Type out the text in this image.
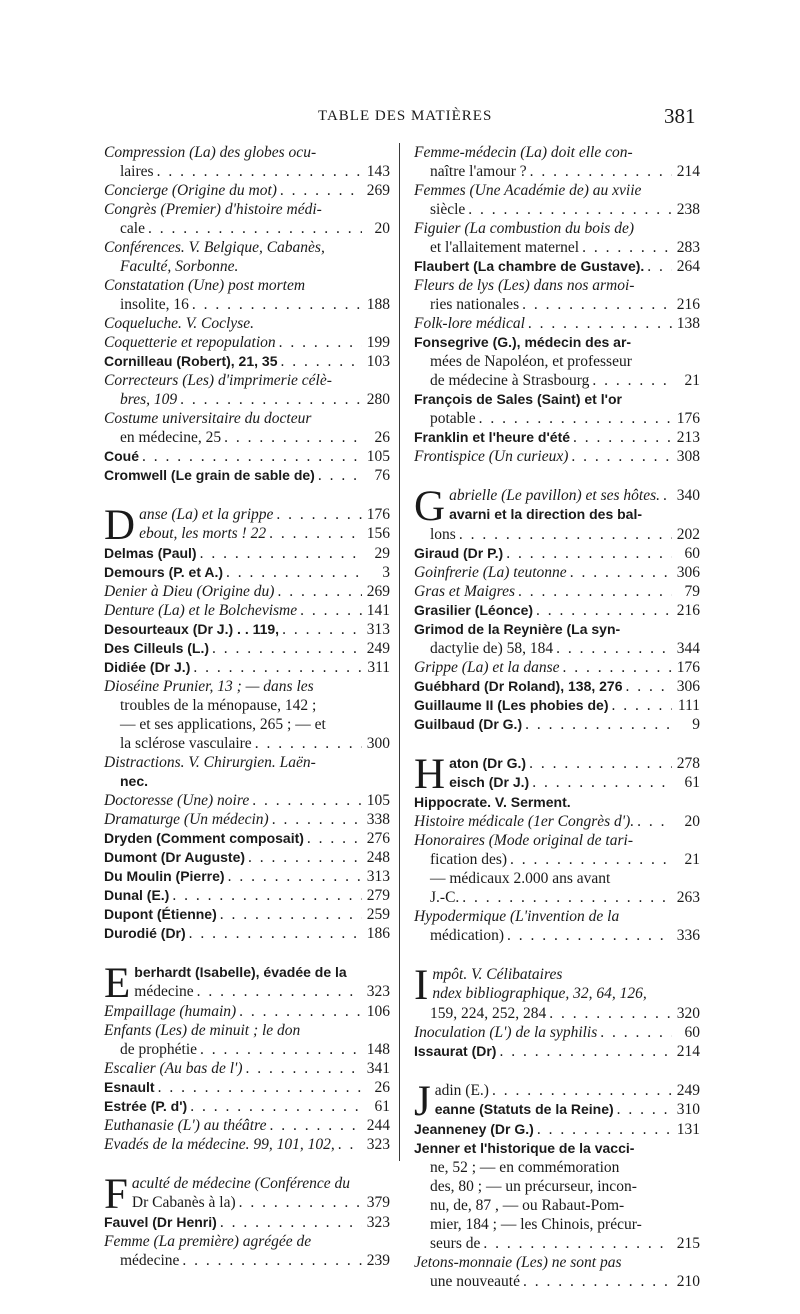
TABLE DES MATIÈRES	381
Compression (La) des globes ocu-
laires . . .	143
Concierge (Origine du mot) . . .	269
Congrès (Premier) d'histoire médi-
cale . . .	20
Conférences. V. Belgique, Cabanès,
Faculté, Sorbonne.
Constatation (Une) post mortem
insolite, 16 . . .	188
Coqueluche. V. Coclyse.
Coquetterie et repopulation . . .	199
Cornilleau (Robert), 21, 35 . . .	103
Correcteurs (Les) d'imprimerie célè-
bres, 109 . . .	280
Costume universitaire du docteur
en médecine, 25 . . .	26
Coué . . .	105
Cromwell (Le grain de sable de) . . .	76
D anse (La) et la grippe . . .	176
ebout, les morts ! 22 . . .	156
Delmas (Paul) . . .	29
Demours (P. et A.) . . .	3
Denier à Dieu (Origine du) . . .	269
Denture (La) et le Bolchevisme . . .	141
Desourteaux (Dr J.) . . 119, . . .	313
Des Cilleuls (L.) . . .	249
Didiée (Dr J.) . . .	311
Dioséine Prunier, 13 ; — dans les
troubles de la ménopause, 142 ;
— et ses applications, 265 ; — et
la sclérose vasculaire . . .	300
Distractions. V. Chirurgien. Laën-
nec.
Doctoresse (Une) noire . . .	105
Dramaturge (Un médecin) . . .	338
Dryden (Comment composait) . . .	276
Dumont (Dr Auguste) . . .	248
Du Moulin (Pierre) . . .	313
Dunal (E.) . . .	279
Dupont (Étienne) . . .	259
Durodié (Dr) . . .	186
E berhardt (Isabelle), évadée de la
médecine . . .	323
Empaillage (humain) . . .	106
Enfants (Les) de minuit ; le don
de prophétie . . .	148
Escalier (Au bas de l') . . .	341
Esnault . . .	26
Estrée (P. d') . . .	61
Euthanasie (L') au théâtre . . .	244
Evadés de la médecine. 99, 101, 102, . . .	323
F aculté de médecine (Conférence du
Dr Cabanès à la) . . .	379
Fauvel (Dr Henri) . . .	323
Femme (La première) agrégée de
médecine . . .	239
Femme-médecin (La) doit elle con-
naître l'amour ? . . .	214
Femmes (Une Académie de) au xviie
siècle . . .	238
Figuier (La combustion du bois de)
et l'allaitement maternel . . .	283
Flaubert (La chambre de Gustave). . . .	264
Fleurs de lys (Les) dans nos armoi-
ries nationales . . .	216
Folk-lore médical . . .	138
Fonsegrive (G.), médecin des ar-
mées de Napoléon, et professeur
de médecine à Strasbourg . . .	21
François de Sales (Saint) et l'or
potable . . .	176
Franklin et l'heure d'été . . .	213
Frontispice (Un curieux) . . .	308
G abrielle (Le pavillon) et ses hôtes. . . .	340
avarni et la direction des bal-
lons . . .	202
Giraud (Dr P.) . . .	60
Goinfrerie (La) teutonne . . .	306
Gras et Maigres . . .	79
Grasilier (Léonce) . . .	216
Grimod de la Reynière (La syn-
dactylie de) 58, 184 . . .	344
Grippe (La) et la danse . . .	176
Guébhard (Dr Roland), 138, 276 . . .	306
Guillaume II (Les phobies de) . . .	111
Guilbaud (Dr G.) . . .	9
H aton (Dr G.) . . .	278
eisch (Dr J.) . . .	61
Hippocrate. V. Serment.
Histoire médicale (1er Congrès d'). . . .	20
Honoraires (Mode original de tari-
fication des) . . .	21
— médicaux 2.000 ans avant
J.-C. . . .	263
Hypodermique (L'invention de la
médication) . . .	336
I mpôt. V. Célibataires
ndex bibliographique, 32, 64, 126,
159, 224, 252, 284 . . .	320
Inoculation (L') de la syphilis . . .	60
Issaurat (Dr) . . .	214
J adin (E.) . . .	249
eanne (Statuts de la Reine) . . .	310
Jeanneney (Dr G.) . . .	131
Jenner et l'historique de la vacci-
ne, 52 ; — en commémoration
des, 80 ; — un précurseur, incon-
nu, de, 87 , — ou Rabaut-Pom-
mier, 184 ; — les Chinois, précur-
seurs de . . .	215
Jetons-monnaie (Les) ne sont pas
une nouveauté . . .	210
